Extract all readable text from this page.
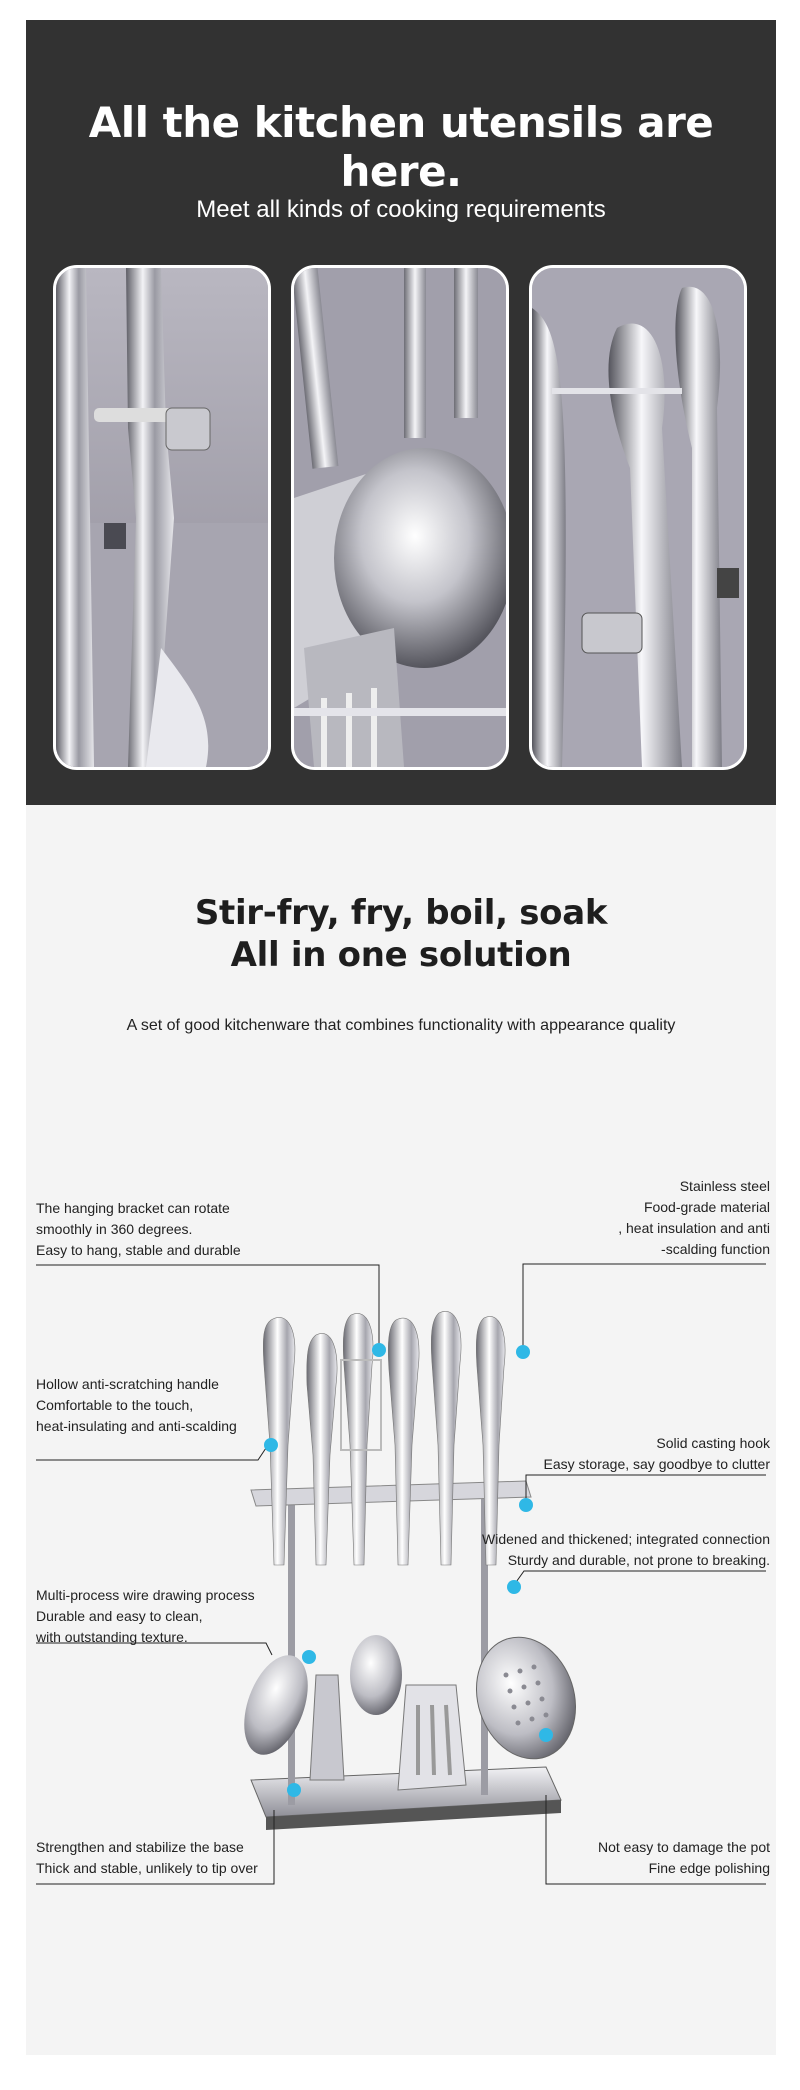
All the kitchen utensils are here.

Meet all kinds of cooking requirements

Stir-fry, fry, boil, soak
All in one solution

A set of good kitchenware that combines functionality with appearance quality

The hanging bracket can rotate
smoothly in 360 degrees.
Easy to hang, stable and durable
Stainless steel
Food-grade material
, heat insulation and anti
-scalding function
Hollow anti-scratching handle
Comfortable to the touch,
heat-insulating and anti-scalding
Solid casting hook
Easy storage, say goodbye to clutter
Widened and thickened; integrated connection
Sturdy and durable, not prone to breaking.
Multi-process wire drawing process
Durable and easy to clean,
with outstanding texture.
Strengthen and stabilize the base
Thick and stable, unlikely to tip over
Not easy to damage the pot
Fine edge polishing
